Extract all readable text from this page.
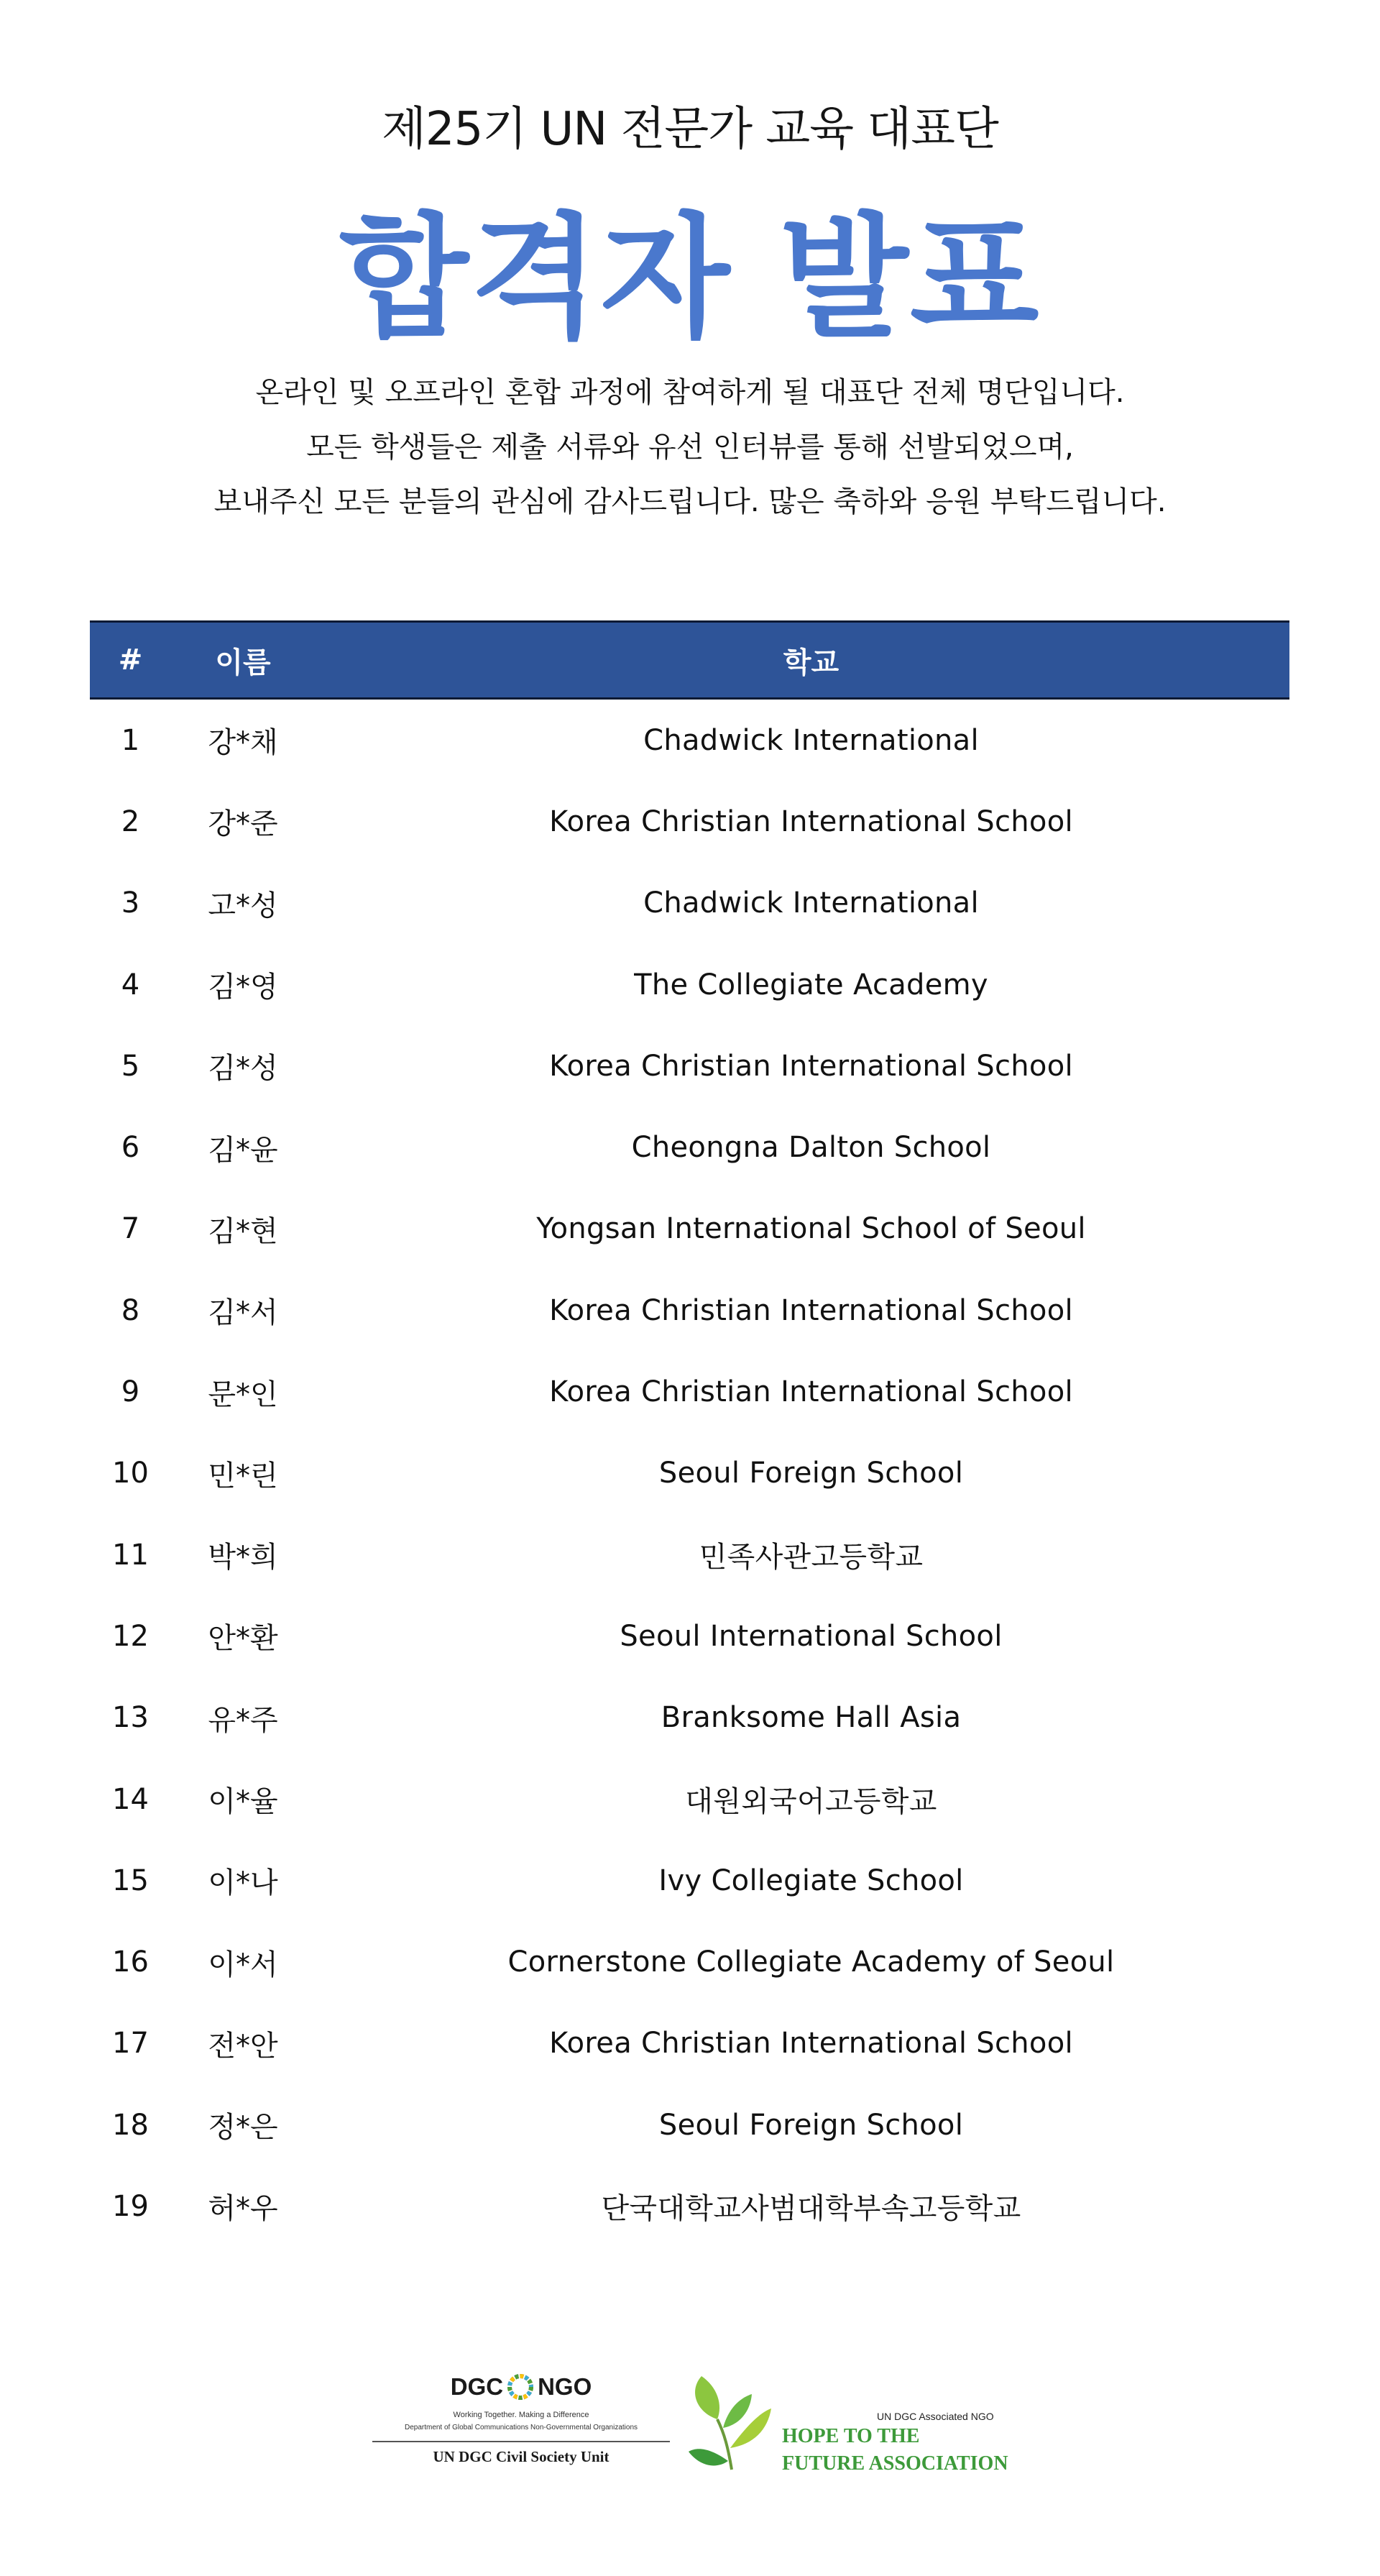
제25기 UN 전문가 교육 대표단
합격자 발표
온라인 및 오프라인 혼합 과정에 참여하게 될 대표단 전체 명단입니다.
모든 학생들은 제출 서류와 유선 인터뷰를 통해 선발되었으며,
보내주신 모든 분들의 관심에 감사드립니다. 많은 축하와 응원 부탁드립니다.
#	이름	학교
1	강*채	Chadwick International
2	강*준	Korea Christian International School
3	고*성	Chadwick International
4	김*영	The Collegiate Academy
5	김*성	Korea Christian International School
6	김*윤	Cheongna Dalton School
7	김*현	Yongsan International School of Seoul
8	김*서	Korea Christian International School
9	문*인	Korea Christian International School
10	민*린	Seoul Foreign School
11	박*희	민족사관고등학교
12	안*환	Seoul International School
13	유*주	Branksome Hall Asia
14	이*율	대원외국어고등학교
15	이*나	Ivy Collegiate School
16	이*서	Cornerstone Collegiate Academy of Seoul
17	전*안	Korea Christian International School
18	정*은	Seoul Foreign School
19	허*우	단국대학교사범대학부속고등학교
DGC NGO
Working Together. Making a Difference
Department of Global Communications Non-Governmental Organizations
UN DGC Civil Society Unit
UN DGC Associated NGO
HOPE TO THE
FUTURE ASSOCIATION
